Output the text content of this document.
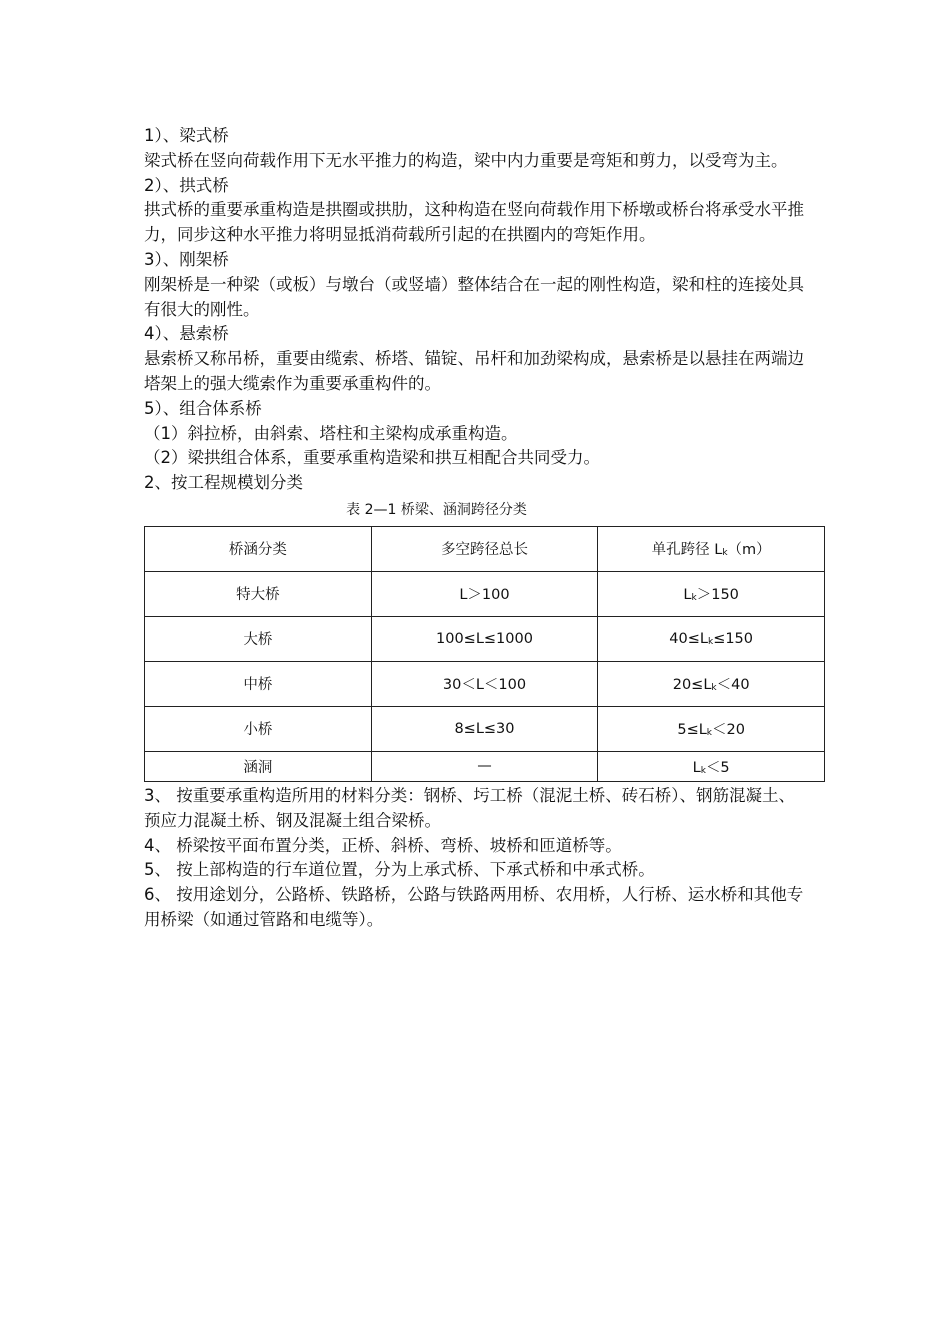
1）、梁式桥

梁式桥在竖向荷载作用下无水平推力的构造，梁中内力重要是弯矩和剪力，以受弯为主。

2）、拱式桥

拱式桥的重要承重构造是拱圈或拱肋，这种构造在竖向荷载作用下桥墩或桥台将承受水平推力，同步这种水平推力将明显抵消荷载所引起的在拱圈内的弯矩作用。

3）、刚架桥

刚架桥是一种梁（或板）与墩台（或竖墙）整体结合在一起的刚性构造，梁和柱的连接处具有很大的刚性。

4）、悬索桥

悬索桥又称吊桥，重要由缆索、桥塔、锚锭、吊杆和加劲梁构成，悬索桥是以悬挂在两端边塔架上的强大缆索作为重要承重构件的。

5）、组合体系桥

（1）斜拉桥，由斜索、塔柱和主梁构成承重构造。

（2）梁拱组合体系，重要承重构造梁和拱互相配合共同受力。

2、按工程规模划分类

表 2—1 桥梁、涵洞跨径分类

桥涵分类	多空跨径总长	单孔跨径 $L_k(m)$
特大桥	L＞100	$L_k>150$
大桥	100≤L≤1000	$40\le L_k\le 150$
中桥	30＜L＜100	$20\le L_k<40$
小桥	8≤L≤30	$5\le L_k<20$
涵洞	—	$L_k<5$

3、 按重要承重构造所用的材料分类：钢桥、圬工桥（混泥土桥、砖石桥）、钢筋混凝土、预应力混凝土桥、钢及混凝土组合梁桥。

4、 桥梁按平面布置分类，正桥、斜桥、弯桥、坡桥和匝道桥等。

5、 按上部构造的行车道位置，分为上承式桥、下承式桥和中承式桥。

6、 按用途划分，公路桥、铁路桥，公路与铁路两用桥、农用桥，人行桥、运水桥和其他专用桥梁（如通过管路和电缆等）。
